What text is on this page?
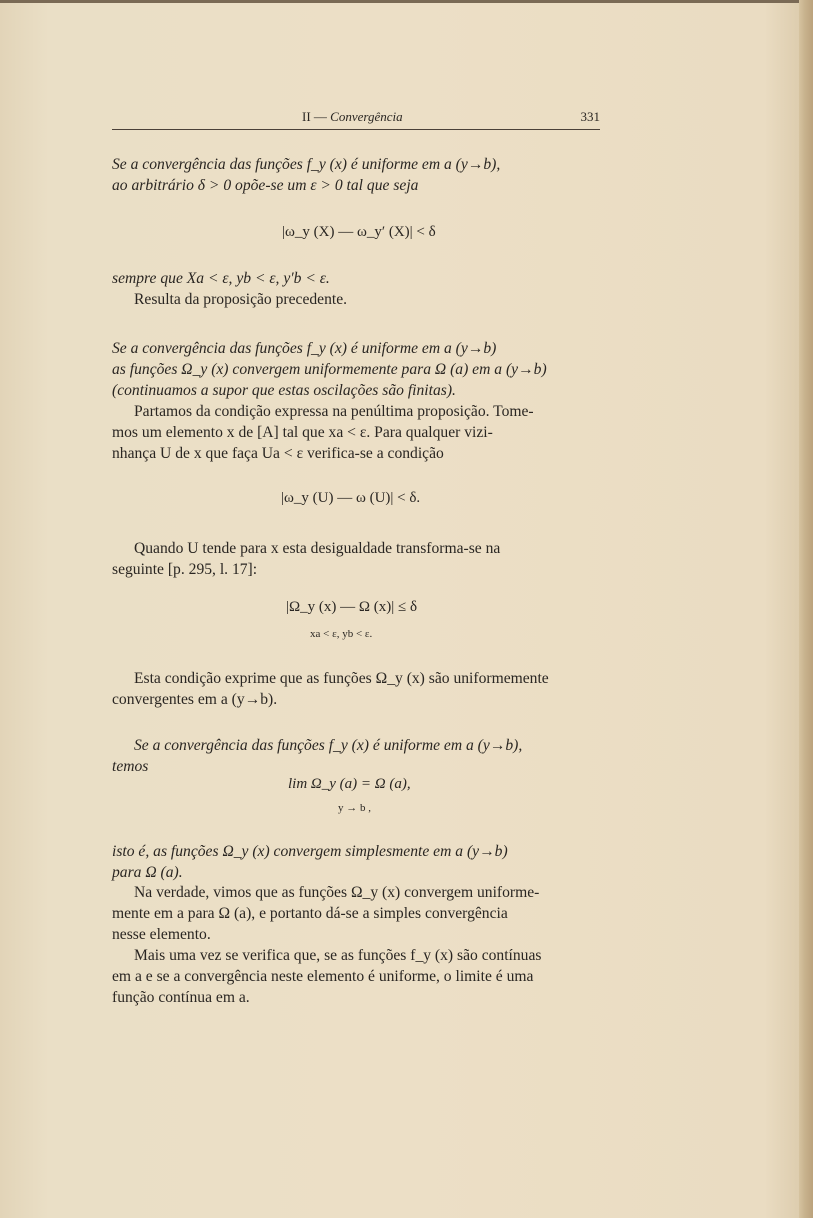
II — Convergência	331

Se a convergência das funções f_y (x) é uniforme em a (y→b),

ao arbitrário δ > 0 opõe-se um ε > 0 tal que seja

|ω_y (X) — ω_y′ (X)| < δ

sempre que Xa < ε, yb < ε, y′b < ε.

Resulta da proposição precedente.

Se a convergência das funções f_y (x) é uniforme em a (y→b)

as funções Ω_y (x) convergem uniformemente para Ω (a) em a (y→b)

(continuamos a supor que estas oscilações são finitas).

Partamos da condição expressa na penúltima proposição. Tome-

mos um elemento x de [A] tal que xa < ε. Para qualquer vizi-

nhança U de x que faça Ua < ε verifica-se a condição

|ω_y (U) — ω (U)| < δ.

Quando U tende para x esta desigualdade transforma-se na

seguinte [p. 295, l. 17]:

|Ω_y (x) — Ω (x)| ≤ δ
xa < ε, yb < ε.

Esta condição exprime que as funções Ω_y (x) são uniformemente

convergentes em a (y→b).

Se a convergência das funções f_y (x) é uniforme em a (y→b),

temos

lim Ω_y (a) = Ω (a),
y → b ,

isto é, as funções Ω_y (x) convergem simplesmente em a (y→b)

para Ω (a).

Na verdade, vimos que as funções Ω_y (x) convergem uniforme-

mente em a para Ω (a), e portanto dá-se a simples convergência

nesse elemento.

Mais uma vez se verifica que, se as funções f_y (x) são contínuas

em a e se a convergência neste elemento é uniforme, o limite é uma

função contínua em a.
